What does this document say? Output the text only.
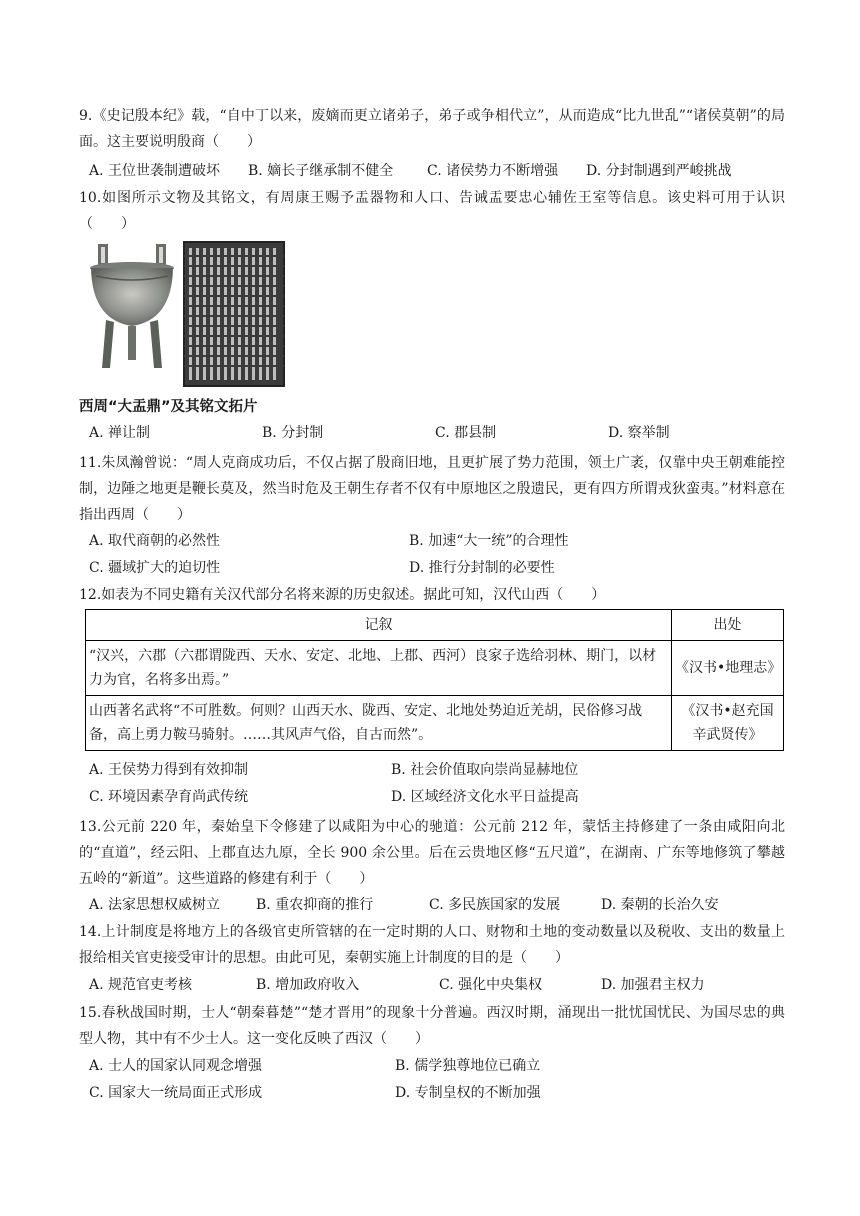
9.《史记殷本纪》载，“自中丁以来，废嫡而更立诸弟子，弟子或争相代立”，从而造成“比九世乱”“诸侯莫朝”的局面。这主要说明殷商（　　）
A. 王位世袭制遭破坏 B. 嫡长子继承制不健全 C. 诸侯势力不断增强 D. 分封制遇到严峻挑战
10.如图所示文物及其铭文，有周康王赐予盂器物和人口、告诫盂要忠心辅佐王室等信息。该史料可用于认识（　　）
西周“大盂鼎”及其铭文拓片
A. 禅让制	B. 分封制	C. 郡县制	D. 察举制
11.朱凤瀚曾说：“周人克商成功后，不仅占据了殷商旧地，且更扩展了势力范围，领土广袤，仅靠中央王朝难能控制，边陲之地更是鞭长莫及，然当时危及王朝生存者不仅有中原地区之殷遗民，更有四方所谓戎狄蛮夷。”材料意在指出西周（　　）
A. 取代商朝的必然性	B. 加速“大一统”的合理性
C. 疆域扩大的迫切性	D. 推行分封制的必要性
12.如表为不同史籍有关汉代部分名将来源的历史叙述。据此可知，汉代山西（　　）
记叙	出处
“汉兴，六郡（六郡谓陇西、天水、安定、北地、上郡、西河）良家子选给羽林、期门，以材力为官，名将多出焉。”	《汉书•地理志》
山西著名武将“不可胜数。何则？山西天水、陇西、安定、北地处势迫近羌胡，民俗修习战备，高上勇力鞍马骑射。……其风声气俗，自古而然”。	《汉书•赵充国辛武贤传》
A. 王侯势力得到有效抑制	B. 社会价值取向崇尚显赫地位
C. 环境因素孕育尚武传统	D. 区域经济文化水平日益提高
13.公元前 220 年，秦始皇下令修建了以咸阳为中心的驰道：公元前 212 年，蒙恬主持修建了一条由咸阳向北的“直道”，经云阳、上郡直达九原，全长 900 余公里。后在云贵地区修“五尺道”，在湖南、广东等地修筑了攀越五岭的“新道”。这些道路的修建有利于（　　）
A. 法家思想权威树立	B. 重农抑商的推行	C. 多民族国家的发展	D. 秦朝的长治久安
14.上计制度是将地方上的各级官吏所管辖的在一定时期的人口、财物和土地的变动数量以及税收、支出的数量上报给相关官吏接受审计的思想。由此可见，秦朝实施上计制度的目的是（　　）
A. 规范官吏考核	B. 增加政府收入	C. 强化中央集权	D. 加强君主权力
15.春秋战国时期，士人“朝秦暮楚”“楚才晋用”的现象十分普遍。西汉时期，涌现出一批忧国忧民、为国尽忠的典型人物，其中有不少士人。这一变化反映了西汉（　　）
A. 士人的国家认同观念增强	B. 儒学独尊地位已确立
C. 国家大一统局面正式形成	D. 专制皇权的不断加强
